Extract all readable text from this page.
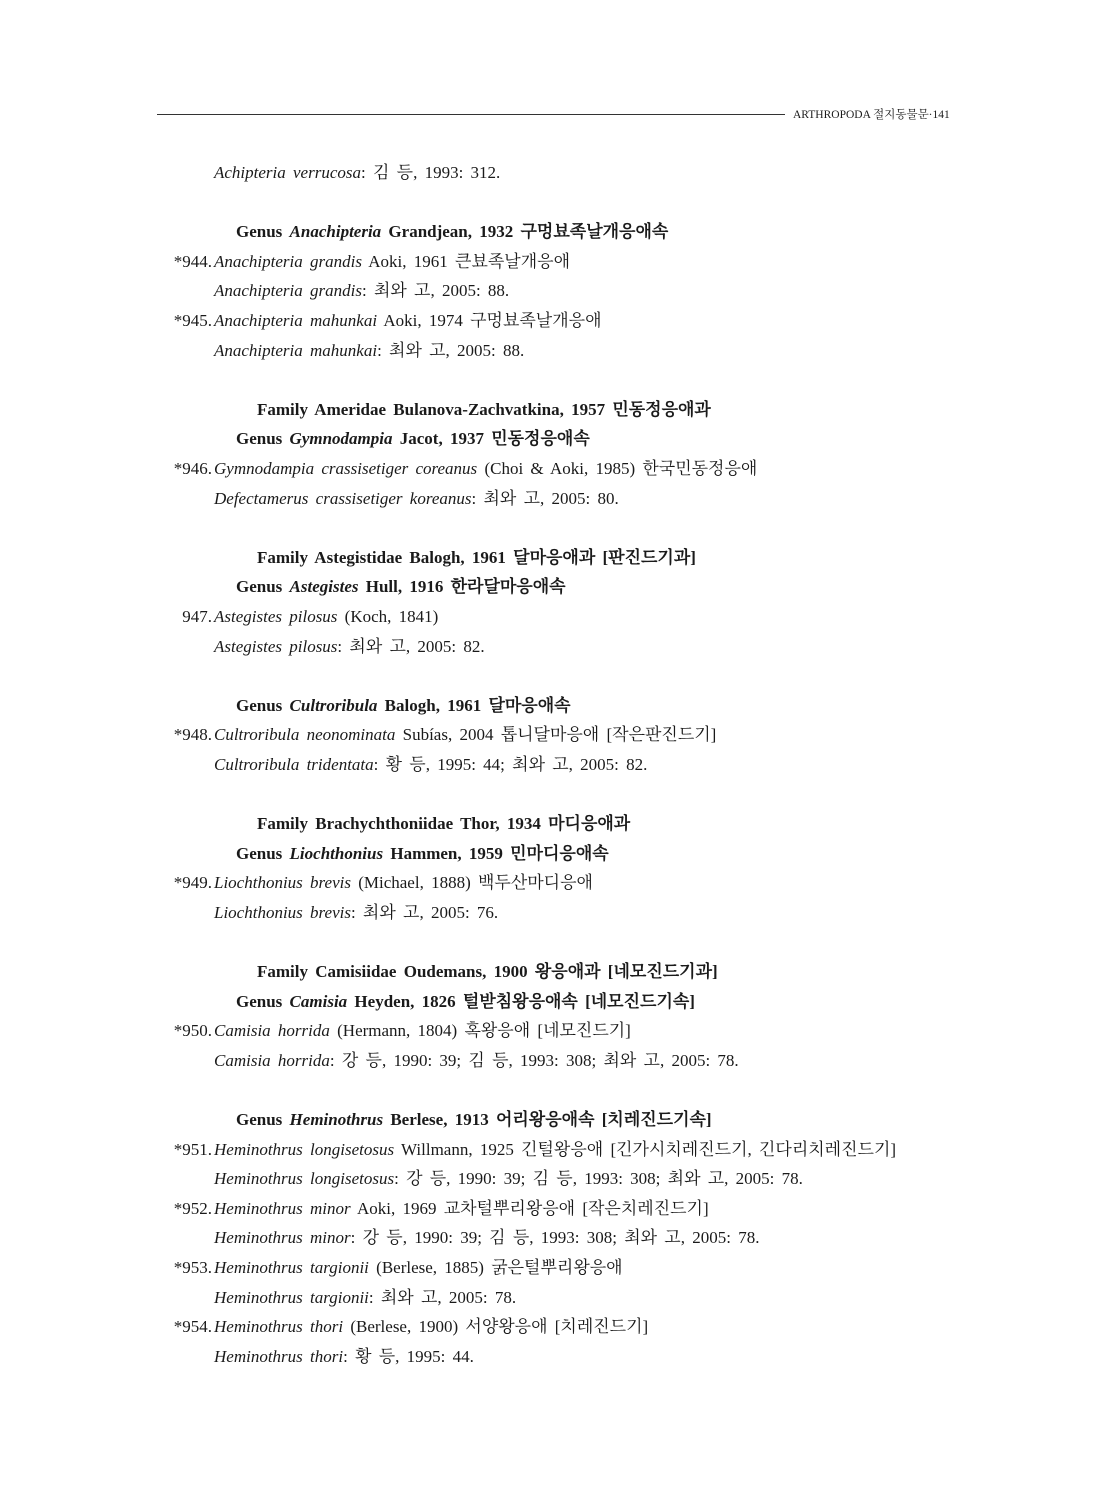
ARTHROPODA 절지동물문·141
Achipteria verrucosa: 김 등, 1993: 312.
Genus Anachipteria Grandjean, 1932 구멍뵤족날개응애속
*944. Anachipteria grandis Aoki, 1961 큰뵤족날개응애
Anachipteria grandis: 최와 고, 2005: 88.
*945. Anachipteria mahunkai Aoki, 1974 구멍뵤족날개응애
Anachipteria mahunkai: 최와 고, 2005: 88.
Family Ameridae Bulanova-Zachvatkina, 1957 민동정응애과
Genus Gymnodampia Jacot, 1937 민동정응애속
*946. Gymnodampia crassisetiger coreanus (Choi & Aoki, 1985) 한국민동정응애
Defectamerus crassisetiger koreanus: 최와 고, 2005: 80.
Family Astegistidae Balogh, 1961 달마응애과 [판진드기과]
Genus Astegistes Hull, 1916 한라달마응애속
947. Astegistes pilosus (Koch, 1841)
Astegistes pilosus: 최와 고, 2005: 82.
Genus Cultroribula Balogh, 1961 달마응애속
*948. Cultroribula neonominata Subías, 2004 톱니달마응애 [작은판진드기]
Cultroribula tridentata: 황 등, 1995: 44; 최와 고, 2005: 82.
Family Brachychthoniidae Thor, 1934 마디응애과
Genus Liochthonius Hammen, 1959 민마디응애속
*949. Liochthonius brevis (Michael, 1888) 백두산마디응애
Liochthonius brevis: 최와 고, 2005: 76.
Family Camisiidae Oudemans, 1900 왕응애과 [네모진드기과]
Genus Camisia Heyden, 1826 털받침왕응애속 [네모진드기속]
*950. Camisia horrida (Hermann, 1804) 혹왕응애 [네모진드기]
Camisia horrida: 강 등, 1990: 39; 김 등, 1993: 308; 최와 고, 2005: 78.
Genus Heminothrus Berlese, 1913 어리왕응애속 [치레진드기속]
*951. Heminothrus longisetosus Willmann, 1925 긴털왕응애 [긴가시치레진드기, 긴다리치레진드기]
Heminothrus longisetosus: 강 등, 1990: 39; 김 등, 1993: 308; 최와 고, 2005: 78.
*952. Heminothrus minor Aoki, 1969 교차털뿌리왕응애 [작은치레진드기]
Heminothrus minor: 강 등, 1990: 39; 김 등, 1993: 308; 최와 고, 2005: 78.
*953. Heminothrus targionii (Berlese, 1885) 굵은털뿌리왕응애
Heminothrus targionii: 최와 고, 2005: 78.
*954. Heminothrus thori (Berlese, 1900) 서양왕응애 [치레진드기]
Heminothrus thori: 황 등, 1995: 44.
